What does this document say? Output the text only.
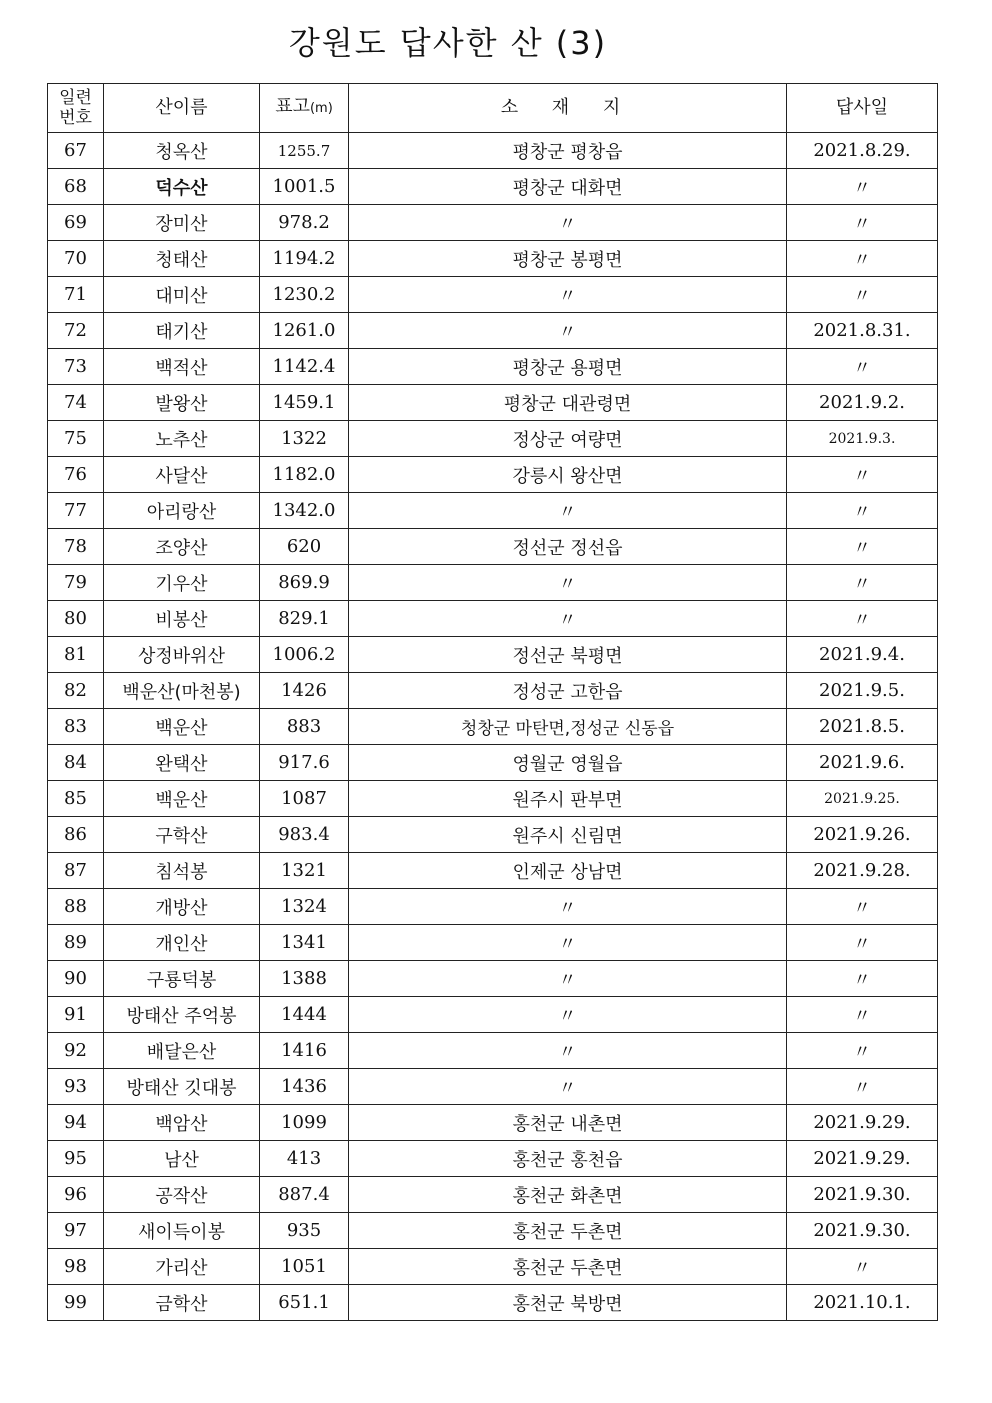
강원도 답사한 산 (3)
일련
번호	산이름	표고(m)	소 재 지	답사일
67	청옥산	1255.7	평창군 평창읍	2021.8.29.
68	덕수산	1001.5	평창군 대화면	〃
69	장미산	978.2	〃	〃
70	청태산	1194.2	평창군 봉평면	〃
71	대미산	1230.2	〃	〃
72	태기산	1261.0	〃	2021.8.31.
73	백적산	1142.4	평창군 용평면	〃
74	발왕산	1459.1	평창군 대관령면	2021.9.2.
75	노추산	1322	정상군 여량면	2021.9.3.
76	사달산	1182.0	강릉시 왕산면	〃
77	아리랑산	1342.0	〃	〃
78	조양산	620	정선군 정선읍	〃
79	기우산	869.9	〃	〃
80	비봉산	829.1	〃	〃
81	상정바위산	1006.2	정선군 북평면	2021.9.4.
82	백운산(마천봉)	1426	정성군 고한읍	2021.9.5.
83	백운산	883	청창군 마탄면,정성군 신동읍	2021.8.5.
84	완택산	917.6	영월군 영월읍	2021.9.6.
85	백운산	1087	원주시 판부면	2021.9.25.
86	구학산	983.4	원주시 신림면	2021.9.26.
87	침석봉	1321	인제군 상남면	2021.9.28.
88	개방산	1324	〃	〃
89	개인산	1341	〃	〃
90	구룡덕봉	1388	〃	〃
91	방태산 주억봉	1444	〃	〃
92	배달은산	1416	〃	〃
93	방태산 깃대봉	1436	〃	〃
94	백암산	1099	홍천군 내촌면	2021.9.29.
95	남산	413	홍천군 홍천읍	2021.9.29.
96	공작산	887.4	홍천군 화촌면	2021.9.30.
97	새이득이봉	935	홍천군 두촌면	2021.9.30.
98	가리산	1051	홍천군 두촌면	〃
99	금학산	651.1	홍천군 북방면	2021.10.1.
